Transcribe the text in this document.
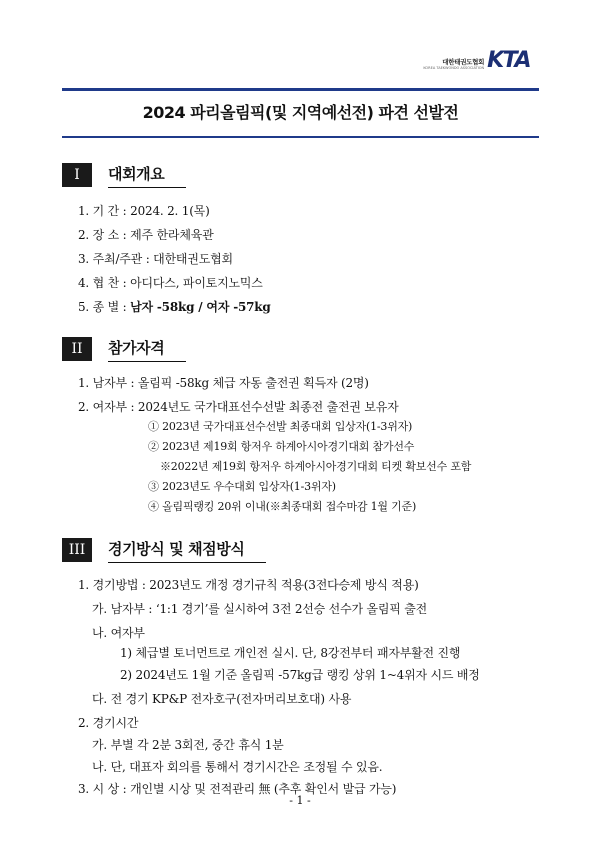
대한태권도협회
KOREA TAEKWONDO ASSOCIATION KTA
2024 파리올림픽(및 지역예선전) 파견 선발전
I	대회개요
1. 기 간 : 2024. 2. 1(목)
2. 장 소 : 제주 한라체육관
3. 주최/주관 : 대한태권도협회
4. 협 찬 : 아디다스, 파이토지노믹스
5. 종 별 : 남자 -58kg / 여자 -57kg
II	참가자격
1. 남자부 : 올림픽 -58kg 체급 자동 출전권 획득자 (2명)
2. 여자부 : 2024년도 국가대표선수선발 최종전 출전권 보유자
① 2023년 국가대표선수선발 최종대회 입상자(1-3위자)
② 2023년 제19회 항저우 하계아시아경기대회 참가선수
※2022년 제19회 항저우 하계아시아경기대회 티켓 확보선수 포함
③ 2023년도 우수대회 입상자(1-3위자)
④ 올림픽랭킹 20위 이내(※최종대회 접수마감 1월 기준)
III	경기방식 및 채점방식
1. 경기방법 : 2023년도 개정 경기규칙 적용(3전다승제 방식 적용)
가. 남자부 : ‘1:1 경기’를 실시하여 3전 2선승 선수가 올림픽 출전
나. 여자부
1) 체급별 토너먼트로 개인전 실시. 단, 8강전부터 패자부활전 진행
2) 2024년도 1월 기준 올림픽 -57kg급 랭킹 상위 1~4위자 시드 배정
다. 전 경기 KP&P 전자호구(전자머리보호대) 사용
2. 경기시간
가. 부별 각 2분 3회전, 중간 휴식 1분
나. 단, 대표자 회의를 통해서 경기시간은 조정될 수 있음.
3. 시 상 : 개인별 시상 및 전적관리 無 (추후 확인서 발급 가능)
- 1 -
